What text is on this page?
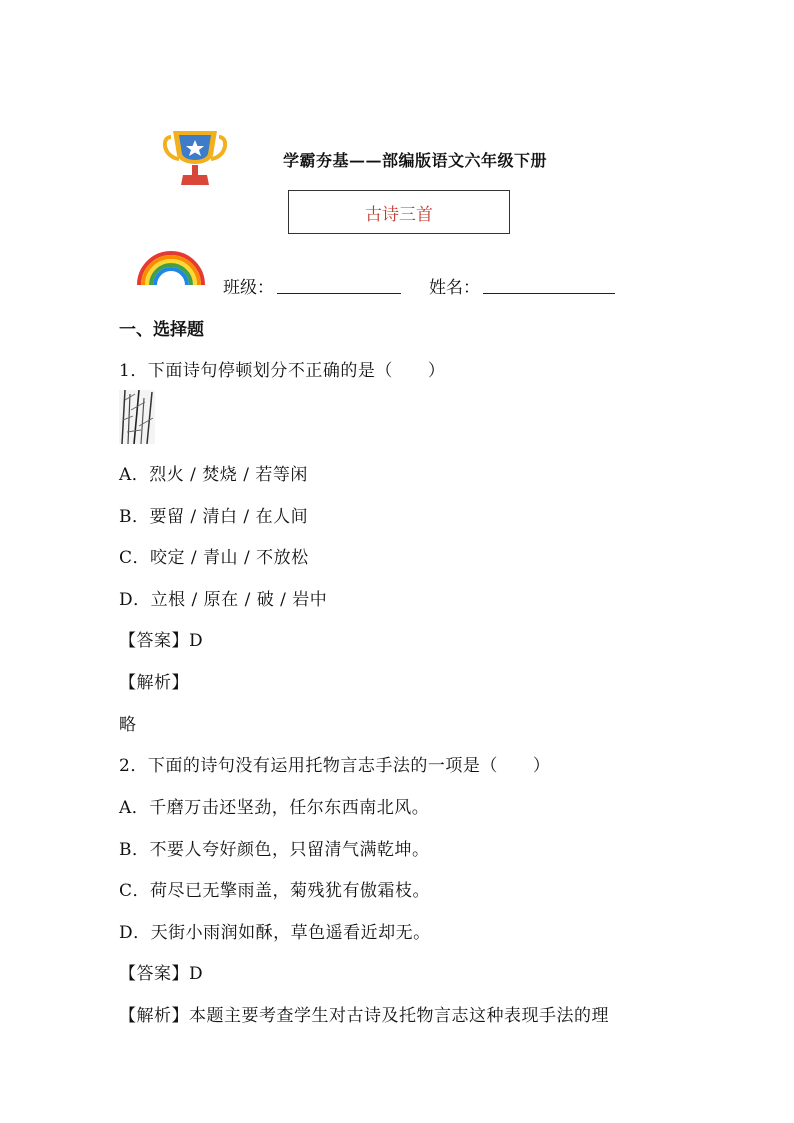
学霸夯基——部编版语文六年级下册
古诗三首
班级：	姓名：
一、选择题
1．下面诗句停顿划分不正确的是（　　）
A．烈火 / 焚烧 / 若等闲
B．要留 / 清白 / 在人间
C．咬定 / 青山 / 不放松
D．立根 / 原在 / 破 / 岩中
【答案】D
【解析】
略
2．下面的诗句没有运用托物言志手法的一项是（　　）
A．千磨万击还坚劲，任尔东西南北风。
B．不要人夸好颜色，只留清气满乾坤。
C．荷尽已无擎雨盖，菊残犹有傲霜枝。
D．天街小雨润如酥，草色遥看近却无。
【答案】D
【解析】本题主要考查学生对古诗及托物言志这种表现手法的理
